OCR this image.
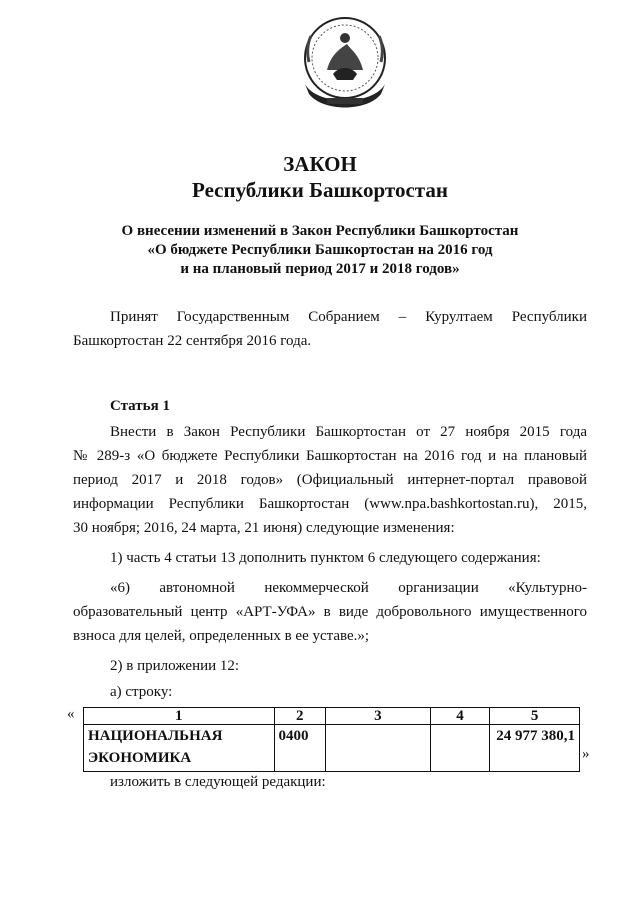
ЗАКОН
Республики Башкортостан
О внесении изменений в Закон Республики Башкортостан
«О бюджете Республики Башкортостан на 2016 год
и на плановый период 2017 и 2018 годов»
Принят Государственным Собранием – Курултаем Республики
Башкортостан 22 сентября 2016 года.
Статья 1
Внести в Закон Республики Башкортостан от 27 ноября 2015 года
№ 289-з «О бюджете Республики Башкортостан на 2016 год и на плановый
период 2017 и 2018 годов» (Официальный интернет-портал правовой
информации Республики Башкортостан (www.npa.bashkortostan.ru), 2015,
30 ноября; 2016, 24 марта, 21 июня) следующие изменения:
1) часть 4 статьи 13 дополнить пунктом 6 следующего содержания:
«6) автономной некоммерческой организации «Культурно-
образовательный центр «АРТ-УФА» в виде добровольного имущественного
взноса для целей, определенных в ее уставе.»;
2) в приложении 12:
а) строку:
«	1	2	3	4	5

НАЦИОНАЛЬНАЯ
ЭКОНОМИКА	0400			24 977 380,1
»
изложить в следующей редакции:
